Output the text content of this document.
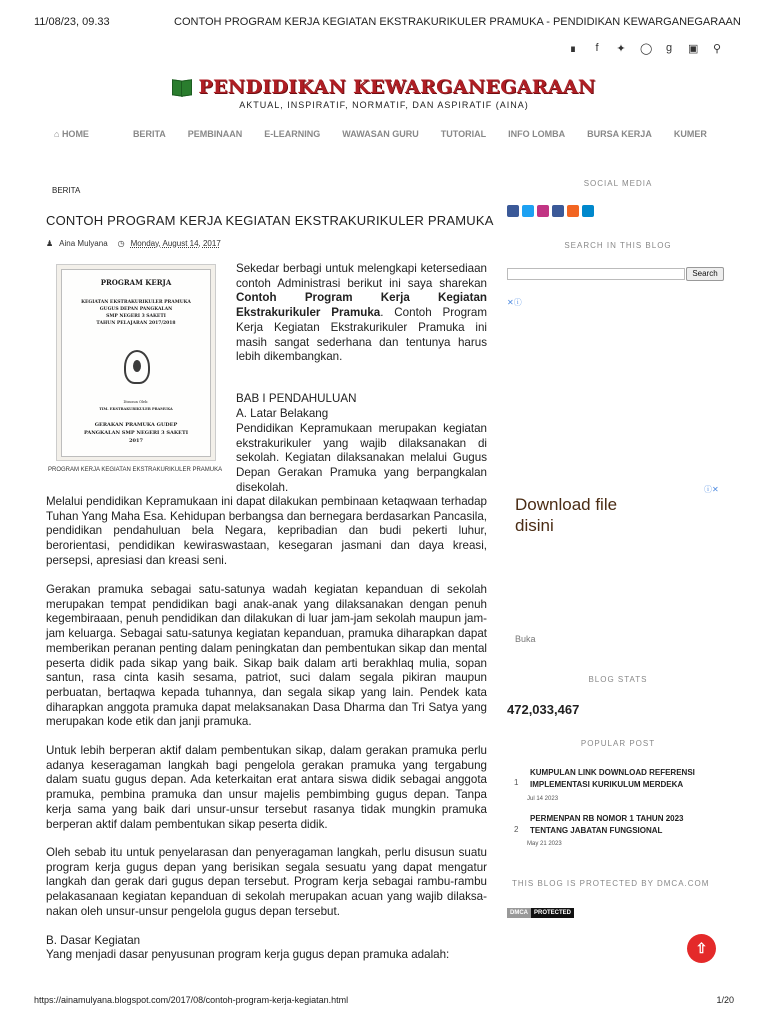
11/08/23, 09.33	CONTOH PROGRAM KERJA KEGIATAN EKSTRAKURIKULER PRAMUKA - PENDIDIKAN KEWARGANEGARAAN
∎	f	✦ ◯ g ▣ ⚲
PENDIDIKAN KEWARGANEGARAAN
AKTUAL, INSPIRATIF, NORMATIF, DAN ASPIRATIF (AINA)
⌂ HOME	BERITA PEMBINAAN E-LEARNING WAWASAN GURU TUTORIAL INFO LOMBA BURSA KERJA KUMER
BERITA
CONTOH PROGRAM KERJA KEGIATAN EKSTRAKURIKULER PRAMUKA
♟ Aina Mulyana ◷ Monday, August 14, 2017
PROGRAM KERJA
KEGIATAN EKSTRAKURIKULER PRAMUKA
GUGUS DEPAN PANGKALAN
SMP NEGERI 3 SAKETI
TAHUN PELAJARAN 2017/2018
Disusun Oleh:
TIM. EKSTRAKURIKULER PRAMUKA
GERAKAN PRAMUKA GUDEP
PANGKALAN SMP NEGERI 3 SAKETI
2017
PROGRAM KERJA KEGIATAN EKSTRAKURIKULER PRAMUKA
Sekedar berbagi untuk melengkapi ketersediaan contoh Administrasi berikut ini saya sharekan Contoh Program Kerja Kegiatan Ekstrakurikuler Pramuka. Contoh Program Kerja Kegiatan Ekstrakurikuler Pramuka ini masih sangat sederhana dan tentunya harus lebih dikembangkan.
BAB I PENDAHULUAN
A. Latar Belakang
Pendidikan Kepramukaan merupakan kegiatan ekstrakurikuler yang wajib dilaksanakan di sekolah. Kegiatan dilaksanakan melalui Gugus Depan Gerakan Pramuka yang berpangkalan disekolah.
Melalui pendidikan Kepramukaan ini dapat dilakukan pembinaan ketaqwaan terhadap Tuhan Yang Maha Esa. Kehidupan berbangsa dan bernegara berdasarkan Pancasila, pendidikan pendahuluan bela Negara, kepribadian dan budi pekerti luhur, berorientasi, pendidikan kewiraswastaan, kesegaran jasmani dan daya kreasi, persepsi, apresiasi dan kreasi seni.
Gerakan pramuka sebagai satu-satunya wadah kegiatan kepanduan di sekolah merupakan tempat pendidikan bagi anak-anak yang dilaksanakan dengan penuh kegembiraaan, penuh pendidikan dan dilakukan di luar jam-jam sekolah maupun jam-jam keluarga. Sebagai satu-satunya kegiatan kepanduan, pramuka diharapkan dapat memberikan peranan penting dalam peningkatan dan pembentukan sikap dan mental peserta didik pada sikap yang baik. Sikap baik dalam arti berakhlaq mulia, sopan santun, rasa cinta kasih sesama, patriot, suci dalam segala pikiran maupun perbuatan, bertaqwa kepada tuhannya, dan segala sikap yang lain. Pendek kata diharapkan anggota pramuka dapat melaksanakan Dasa Dharma dan Tri Satya yang merupakan kode etik dan janji pramuka.
Untuk lebih berperan aktif dalam pembentukan sikap, dalam gerakan pramuka perlu adanya keseragaman langkah bagi pengelola gerakan pramuka yang tergabung dalam suatu gugus depan. Ada keterkaitan erat antara siswa didik sebagai anggota pramuka, pembina pramuka dan unsur majelis pembimbing gugus depan. Tanpa kerja sama yang baik dari unsur-unsur tersebut rasanya tidak mungkin pramuka berperan aktif dalam pembentukan sikap peserta didik.
Oleh sebab itu untuk penyelarasan dan penyeragaman langkah, perlu disusun suatu program kerja gugus depan yang berisikan segala sesuatu yang dapat mengatur langkah dan gerak dari gugus depan tersebut. Program kerja sebagai rambu-rambu pelakasanaan kegiatan kepanduan di sekolah merupakan acuan yang wajib dilaksa-nakan oleh unsur-unsur pengelola gugus depan tersebut.
B. Dasar Kegiatan
Yang menjadi dasar penyusunan program kerja gugus depan pramuka adalah:
SOCIAL MEDIA
SEARCH IN THIS BLOG
Search
✕ⓘ
ⓘ✕
Download file disini
Buka
BLOG STATS
472,033,467
POPULAR POST
1
KUMPULAN LINK DOWNLOAD REFERENSI IMPLEMENTASI KURIKULUM MERDEKA
Jul 14 2023
2
PERMENPAN RB NOMOR 1 TAHUN 2023 TENTANG JABATAN FUNGSIONAL
May 21 2023
THIS BLOG IS PROTECTED BY DMCA.COM
DMCA	PROTECTED
⇧
https://ainamulyana.blogspot.com/2017/08/contoh-program-kerja-kegiatan.html	1/20
